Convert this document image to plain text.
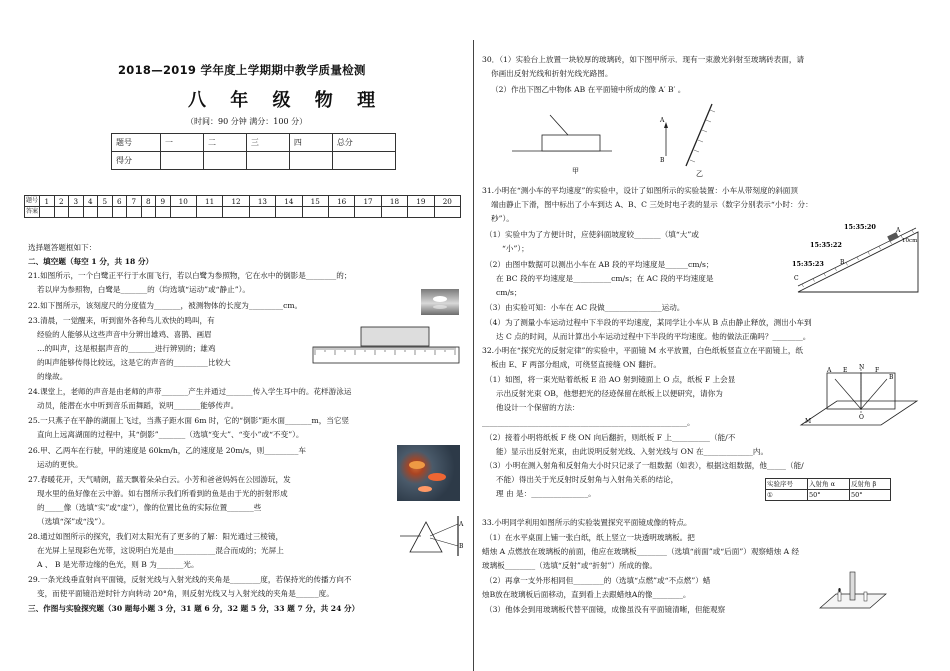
2018—2019 学年度上学期期中教学质量检测
八 年 级 物 理
（时间：90 分钟 满分：100 分）
题号	一	二	三	四	总分
得分					
题号	1	2	3	4	5	6	7	8	9	10	11	12	13	14	15	16	17	18	19	20
答案																				
选择题答题框如下：
二、填空题（每空 1 分，共 18 分）
21.如图所示，一个白鹭正平行于水面飞行，若以白鹭为参照物，它在水中的倒影是________的；
若以岸为参照物，白鹭是_______的（均选填“运动”或“静止”）。
22.如下图所示，该刻度尺的分度值为_______，被测物体的长度为_________cm。
23.清晨，一觉醒来，听到窗外各种鸟儿欢快的鸣叫，有
经验的人能够从这些声音中分辨出雄鸡、喜鹊、画眉
…的叫声，这是根据声音的_______进行辨别的；雄鸡
的叫声能够传得比较远，这是它的声音的_________比较大
的缘故。
24.课堂上，老师的声音是由老师的声带_______产生并通过_______传入学生耳中的。花样游泳运
动员，能潜在水中听到音乐而舞蹈，说明_______能够传声。
25.一只燕子在平静的湖面上飞过，当燕子距水面 6m 时，它的“倒影”距水面_______m，当它竖
直向上远离湖面的过程中，其“倒影”_______（选填“变大”、“变小”或“不变”）。
26.甲、乙两车在行驶，甲的速度是 60km/h，乙的速度是 20m/s，则_________车
运动的更快。
27.春暖花开，天气晴朗，蓝天飘着朵朵白云。小芳和爸爸妈妈在公园游玩，发
现水里的鱼好像在云中游。如右图所示我们所看到的鱼是由于光的折射形成
的_____像（选填“实”或“虚”），像的位置比鱼的实际位置_______些
（选填“深”或“浅”）。
28.通过如图所示的探究，我们对太阳光有了更多的了解：阳光通过三棱镜，
在光屏上呈现彩色光带，这说明白光是由___________混合而成的；光屏上
A 、 B 是光带边缘的色光，则 B 为_______光。
29.一条光线垂直射向平面镜，反射光线与入射光线的夹角是________度，若保持光的传播方向不
变，而使平面镜沿逆时针方向转动 20°角，则反射光线又与入射光线的夹角是______度。
三、作图与实验探究题（30 题每小题 3 分，31 题 6 分，32 题 5 分，33 题 7 分，共 24 分）
A
B
30．（1）实验台上放置一块较厚的玻璃砖，如下图甲所示．现有一束激光斜射至玻璃砖表面，请
你画出反射光线和折射光线光路图。
（2）作出下图乙中物体 AB 在平面镜中所成的像 A′ B′ 。
甲
A
B
乙
31.小明在“测小车的平均速度”的实验中，设计了如图所示的实验装置：小车从带刻度的斜面顶
端由静止下滑，图中标出了小车到达 A、B、C 三处时电子表的显示（数字分别表示“小时：分：
秒”）。
（1）实验中为了方便计时，应使斜面坡度较_______（填“大”或
“小”）；
（2）由图中数据可以测出小车在 AB 段的平均速度是______cm/s；
在 BC 段的平均速度是__________cm/s；在 AC 段的平均速度是
cm/s；
（3）由实验可知：小车在 AC 段做_______________运动。
（4）为了测量小车运动过程中下半段的平均速度，某同学让小车从 B 点由静止释放，测出小车到
达 C 点的时间，从而计算出小车运动过程中下半段的平均速度。他的做法正确吗？________。
15:35:20
15:35:22
15:35:23
10cm
A
B
C
32.小明在“探究光的反射定律”的实验中，平面镜 M 水平放置，白色纸板竖直立在平面镜上，纸
板由 E、F 两部分组成，可绕竖直接缝 ON 翻折。
（1）如图，将一束光贴着纸板 E 沿 AO 射到镜面上 O 点，纸板 F 上会显
示出反射光束 OB，他想把光的径迹保留在纸板上以便研究，请你为
他设计一个保留的方法：
______________________________________________________。
（2）接着小明将纸板 F 绕 ON 向后翻折，则纸板 F 上__________（能/不
能）显示出反射光束，由此说明反射光线、入射光线与 ON 在_____________内。
（3）小明在测入射角和反射角大小时只记录了一组数据（如表），根据这组数据，他_____（能/
不能）得出关于光反射时反射角与入射角关系的结论，
理 由 是：_______________。
A E N F
B
O
M
实验序号	入射角 α	反射角 β
①	50°	50°
33.小明同学利用如图所示的实验装置探究平面镜成像的特点。
（1）在水平桌面上铺一张白纸，纸上竖立一块透明玻璃板。把
蜡烛 A 点燃放在玻璃板的前面，他应在玻璃板________（选填“前面”或“后面”）观察蜡烛 A 经
玻璃板________（选填“反射”或“折射”）所成的像。
（2）再拿一支外形相同但________的（选填“点燃”或“不点燃”）蜡
烛B放在玻璃板后面移动，直到看上去跟蜡烛A的像________。
（3）他体会到用玻璃板代替平面镜，成像虽没有平面镜清晰，但能观察
